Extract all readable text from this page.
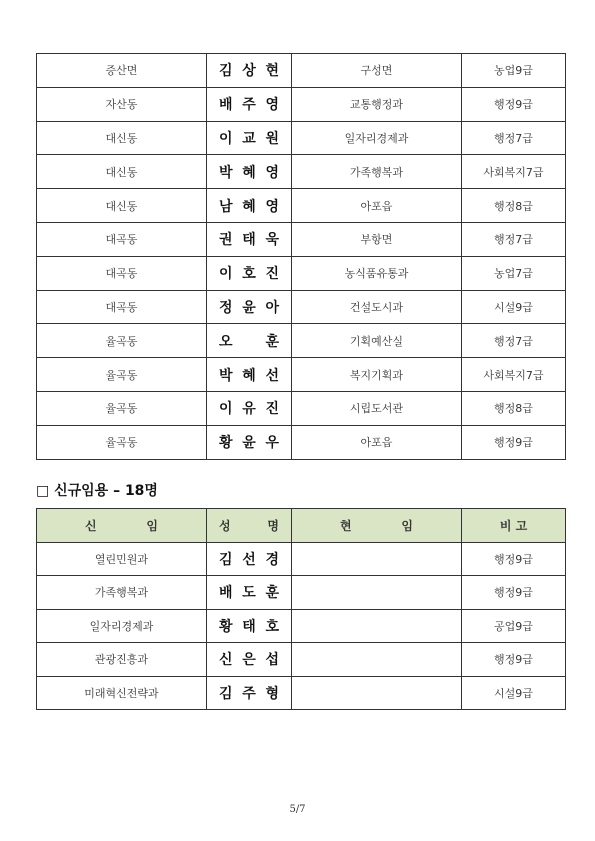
증산면	김 상 현	구성면	농업9급
자산동	배 주 영	교통행정과	행정9급
대신동	이 교 원	일자리경제과	행정7급
대신동	박 혜 영	가족행복과	사회복지7급
대신동	남 혜 영	아포읍	행정8급
대곡동	권 태 욱	부항면	행정7급
대곡동	이 호 진	농식품유통과	농업7급
대곡동	정 윤 아	건설도시과	시설9급
율곡동	오 훈	기획예산실	행정7급
율곡동	박 혜 선	복지기획과	사회복지7급
율곡동	이 유 진	시립도서관	행정8급
율곡동	황 윤 우	아포읍	행정9급
□ 신규임용 – 18명
신 임	성 명	현 임	비 고
열린민원과	김 선 경		행정9급
가족행복과	배 도 훈		행정9급
일자리경제과	황 태 호		공업9급
관광진흥과	신 은 섭		행정9급
미래혁신전략과	김 주 형		시설9급
5/7
